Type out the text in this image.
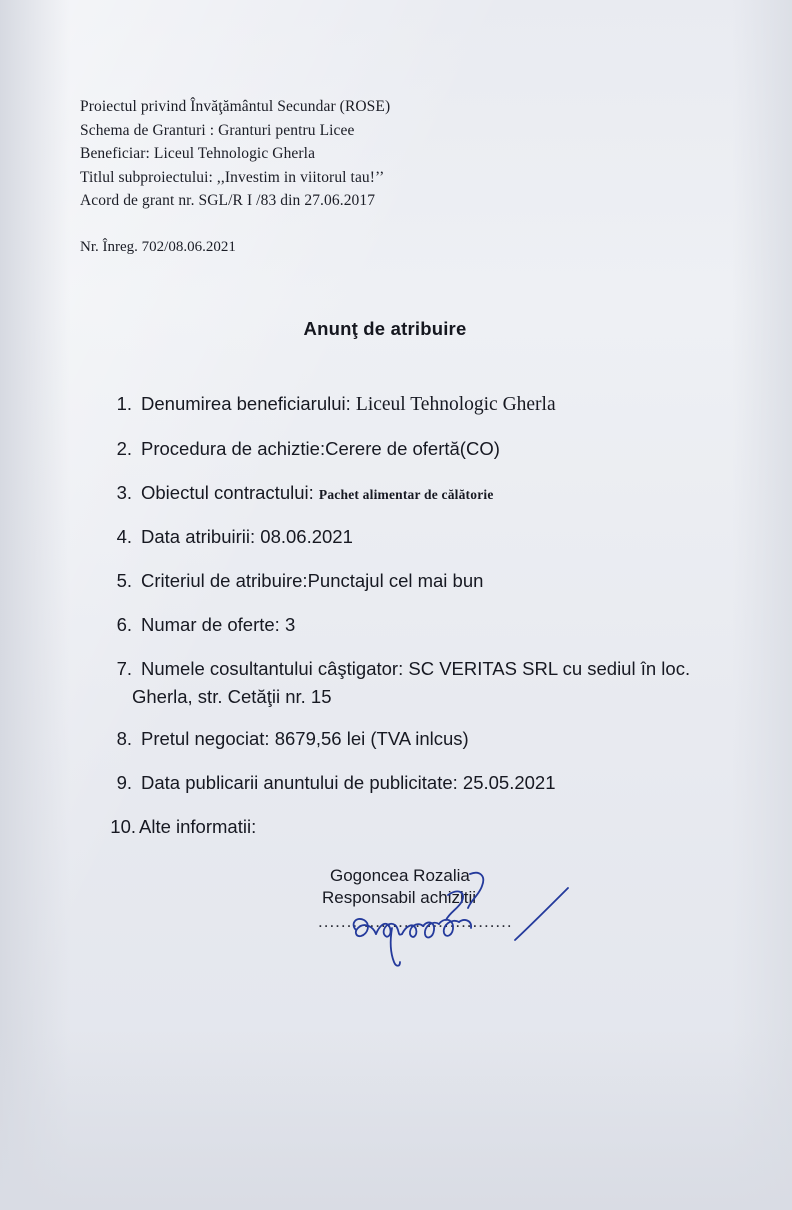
Proiectul privind Învăţământul Secundar (ROSE)
Schema de Granturi : Granturi pentru Licee
Beneficiar: Liceul Tehnologic Gherla
Titlul subproiectului: ,,Investim in viitorul tau!’’
Acord de grant nr. SGL/R I /83 din 27.06.2017
Nr. Înreg. 702/08.06.2021
Anunţ de atribuire
1. Denumirea beneficiarului: Liceul Tehnologic Gherla
2. Procedura de achiztie:Cerere de ofertă(CO)
3. Obiectul contractului: Pachet alimentar de călătorie
4. Data atribuirii: 08.06.2021
5. Criteriul de atribuire:Punctajul cel mai bun
6. Numar de oferte: 3
7. Numele cosultantului câştigator: SC VERITAS SRL cu sediul în loc.
Gherla, str. Cetăţii nr. 15
8. Pretul negociat: 8679,56 lei (TVA inlcus)
9. Data publicarii anuntului de publicitate: 25.05.2021
10. Alte informatii:
Gogoncea Rozalia
Responsabil achizitii
..................................
